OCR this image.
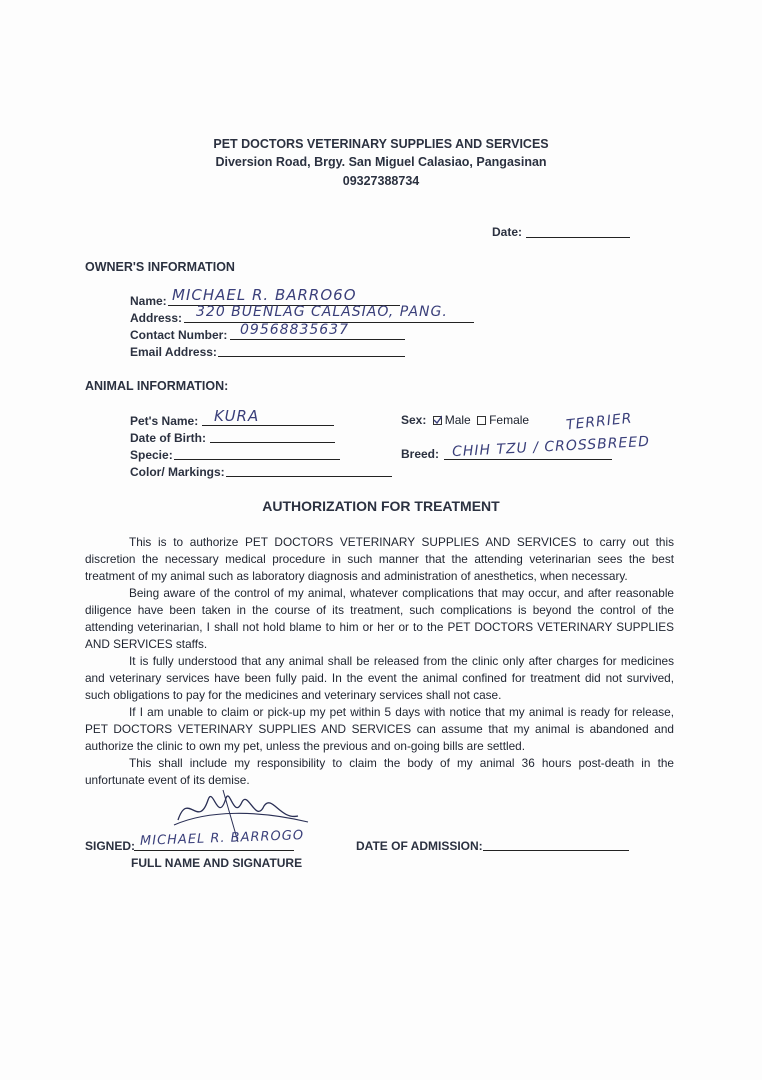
PET DOCTORS VETERINARY SUPPLIES AND SERVICES
Diversion Road, Brgy. San Miguel Calasiao, Pangasinan
09327388734
Date:
OWNER'S INFORMATION
Name: MICHAEL R. BARRO6O
Address: 320 BUENLAG CALASIAO, PANG.
Contact Number: 09568835637
Email Address:
ANIMAL INFORMATION:
Pet's Name: KURA
Date of Birth:
Specie:
Color/ Markings:
Sex: Male Female	TERRIER
Breed: CHIH TZU / CROSSBREED
AUTHORIZATION FOR TREATMENT

This is to authorize PET DOCTORS VETERINARY SUPPLIES AND SERVICES to carry out this discretion the necessary medical procedure in such manner that the attending veterinarian sees the best treatment of my animal such as laboratory diagnosis and administration of anesthetics, when necessary.

Being aware of the control of my animal, whatever complications that may occur, and after reasonable diligence have been taken in the course of its treatment, such complications is beyond the control of the attending veterinarian, I shall not hold blame to him or her or to the PET DOCTORS VETERINARY SUPPLIES AND SERVICES staffs.

It is fully understood that any animal shall be released from the clinic only after charges for medicines and veterinary services have been fully paid. In the event the animal confined for treatment did not survived, such obligations to pay for the medicines and veterinary services shall not case.

If I am unable to claim or pick-up my pet within 5 days with notice that my animal is ready for release, PET DOCTORS VETERINARY SUPPLIES AND SERVICES can assume that my animal is abandoned and authorize the clinic to own my pet, unless the previous and on-going bills are settled.

This shall include my responsibility to claim the body of my animal 36 hours post-death in the unfortunate event of its demise.

SIGNED: MICHAEL R. BARROGO
FULL NAME AND SIGNATURE
DATE OF ADMISSION:
